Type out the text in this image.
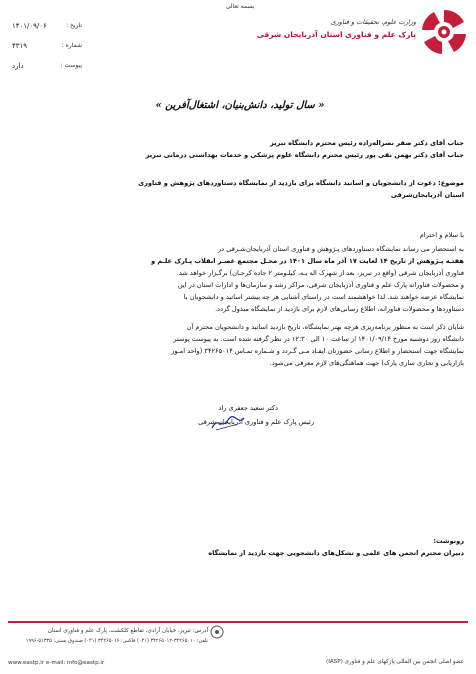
بسمه تعالی
وزارت علوم، تحقیقات و فناوری
پارک علم و فناوری استان آذربایجان شرقی
تاریخ :
۱۴۰۱/۰۹/۰۶
شماره :
۴۳۱۹
پیوست :
دارد
« سال تولید، دانش‌بنیان، اشتغال‌آفرین »
جناب آقای دکتر صفر نصراله‌زاده رئیس محترم دانشگاه تبریز
جناب آقای دکتر بهمن نقی پور رئیس محترم دانشگاه علوم پزشکی و خدمات بهداشتی درمانی تبریز
موضوع: دعوت از دانشجویان و اساتید دانشگاه برای بازدید از نمایشگاه دستاوردهای پژوهش و فناوری
استان آذربایجان‌شرقی
با سلام و احترام
به استحضار می رساند نمایشگاه دستاوردهای پـژوهش و فناوری استان آذربایجان‌شـرقی در
هفتـه پـژوهش از تاریخ ۱۴ لغایت ۱۷ آذر ماه سال ۱۴۰۱ در محـل مجتمع عصـر انقلاب پـارک علـم و
فناوری آذربایجان شرقی (واقع در تبریز، بعد از شهرک اله یـه، کیلـومتر ۲ جاده کرجـان) برگـزار خواهد شد.
و محصولات فناورانه پارک علم و فناوری آذربایجان شرقی، مراکز رشد و سازمان‌ها و ادارات استان در این
نمایشگاه عرضه خواهند شد. لذا خواهشمند است در راستای آشنایی هر چه بیشتر اساتید و دانشجویان با
دستاوردها و محصولات فناورانه، اطلاع رسانی‌های لازم برای بازدید از نمایشگاه مبذول گردد.
شایان ذکر است به منظور برنامه‌ریزی هرچه بهتر نمایشگاه، تاریخ بازدید اساتید و دانشجویان محترم آن
دانشگاه روز دوشنبه مورخ ۱۴۰۱/۰۹/۱۴ از ساعت ۱۰ الی ۱۲:۳۰ در نظر گرفته شده است. به پیوست پوستر
نمایشگاه جهت استحضار و اطلاع رسانی حضورتان ایفـاد مـی گـردد و شـماره تمـاس ۳۴۲۶۵۰۱۴ (واحد امـور
بازاریابی و تجاری سازی پارک) جهت هماهنگی‌های لازم معرفی می‌شود.
دکتر سعید جعفری راد
رئیس پارک علم و فناوری آذربایجان شرقی
رونوشت:
دبیران محترم انجمن های علمی و تشکل‌های دانشجویی جهت بازدید از نمایشگاه
آدرس: تبریز، خیابان آزادی، تقاطع کلکشت، پارک علم و فناوری استان
تلفن: ۳۴۲۶۵۰۱۰-۳۴۲۶۵۰۱۲ (۰۴۱) فاکس: ۳۴۲۶۵۰۱۶ (۰۴۱) صندوق پستی: ۵۱۳۳۵-۱۹۹۶
www.eastp.ir e-mail: info@eastp.ir	عضو اصلی انجمن بین المللی پارکهای علم و فناوری (IASP)
